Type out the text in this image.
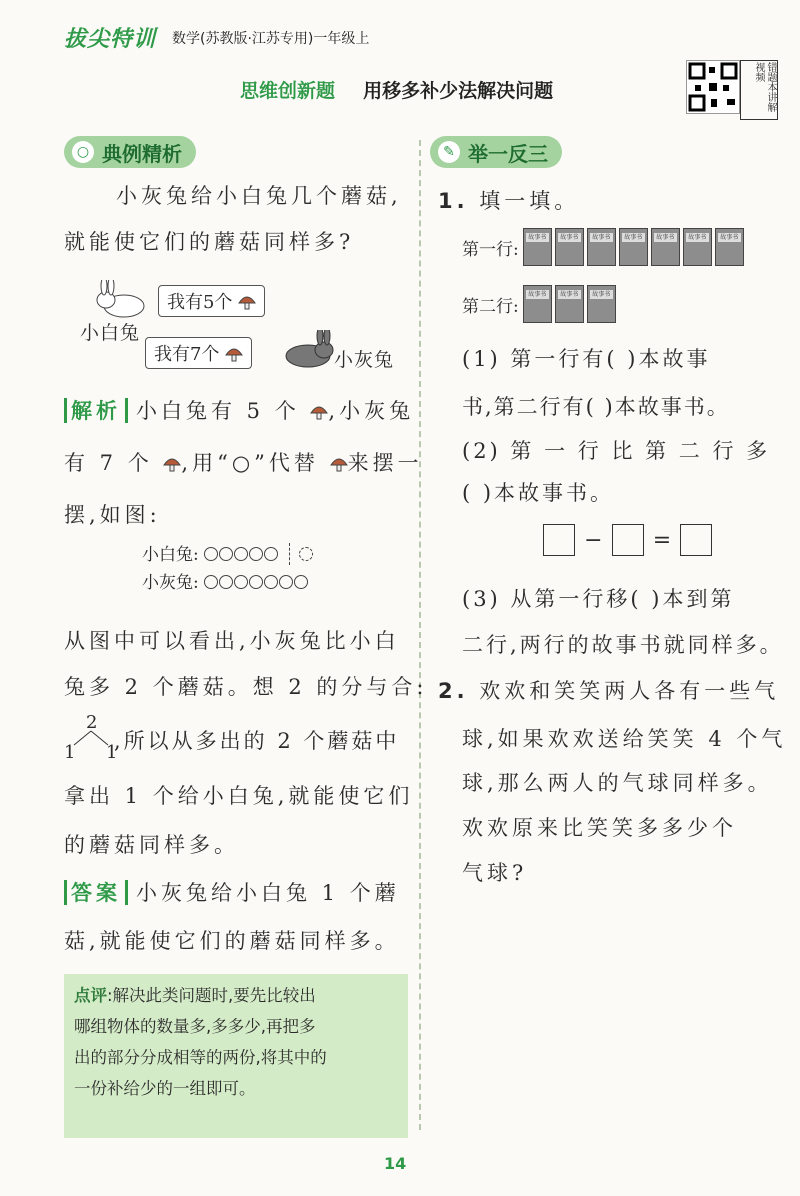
拔尖特训 数学(苏教版·江苏专用)一年级上
思维创新题 用移多补少法解决问题	错题本讲解视频
○ 典例精析
小灰兔给小白兔几个蘑菇,
就能使它们的蘑菇同样多?
我有5个
小白兔
我有7个	小灰兔
解析 小白兔有 5 个 ,小灰兔
有 7 个 ,用“○”代替 来摆一
摆,如图:
小白兔:
小灰兔:
从图中可以看出,小灰兔比小白
兔多 2 个蘑菇。想 2 的分与合:
2
1 1
,所以从多出的 2 个蘑菇中
拿出 1 个给小白兔,就能使它们
的蘑菇同样多。
答案 小灰兔给小白兔 1 个蘑
菇,就能使它们的蘑菇同样多。
点评:解决此类问题时,要先比较出
哪组物体的数量多,多多少,再把多
出的部分分成相等的两份,将其中的
一份补给少的一组即可。
✎ 举一反三
1. 填一填。
第一行:
故事书	故事书	故事书	故事书	故事书	故事书	故事书
第二行:
故事书	故事书	故事书
(1) 第一行有( )本故事
书,第二行有( )本故事书。
(2) 第 一 行 比 第 二 行 多
( )本故事书。
− =
(3) 从第一行移( )本到第
二行,两行的故事书就同样多。
2. 欢欢和笑笑两人各有一些气
球,如果欢欢送给笑笑 4 个气
球,那么两人的气球同样多。
欢欢原来比笑笑多多少个
气球?
14
